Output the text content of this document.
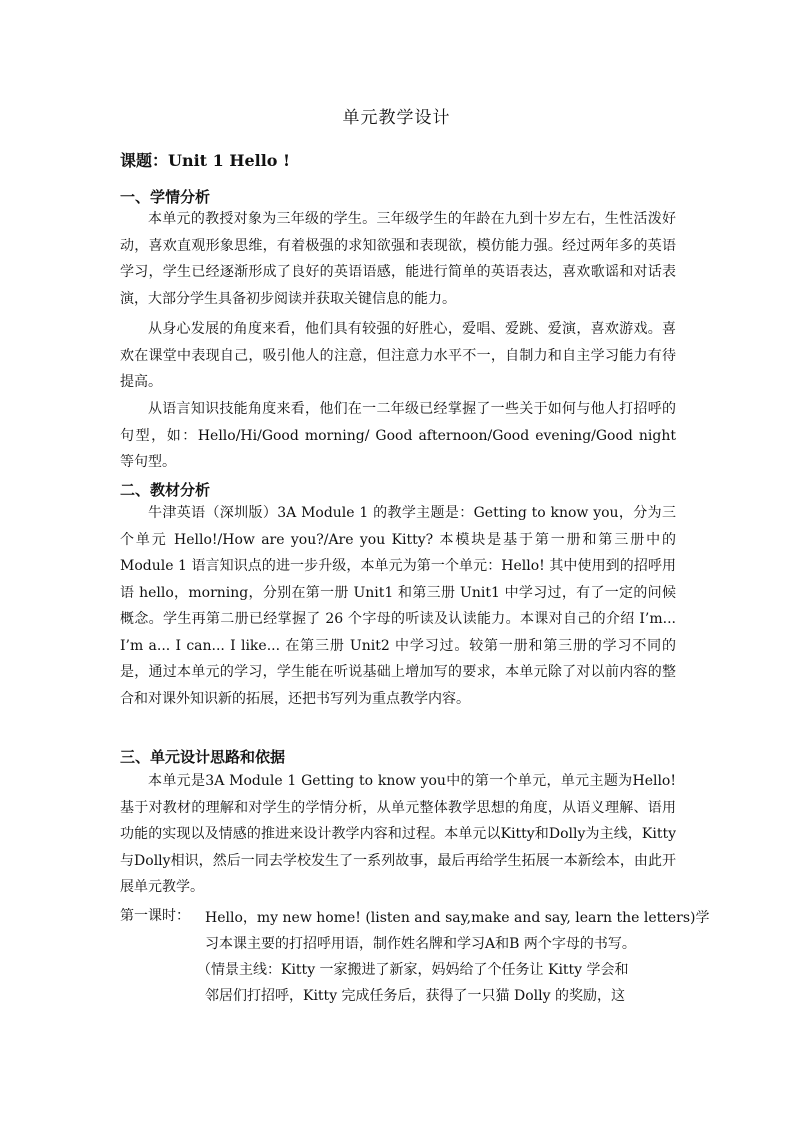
单元教学设计
课题：Unit 1 Hello !
一、学情分析
本单元的教授对象为三年级的学生。三年级学生的年龄在九到十岁左右，生性活泼好动，喜欢直观形象思维，有着极强的求知欲强和表现欲，模仿能力强。经过两年多的英语学习，学生已经逐渐形成了良好的英语语感，能进行简单的英语表达，喜欢歌谣和对话表演，大部分学生具备初步阅读并获取关键信息的能力。
从身心发展的角度来看，他们具有较强的好胜心，爱唱、爱跳、爱演，喜欢游戏。喜欢在课堂中表现自己，吸引他人的注意，但注意力水平不一，自制力和自主学习能力有待提高。
从语言知识技能角度来看，他们在一二年级已经掌握了一些关于如何与他人打招呼的句型，如：Hello/Hi/Good morning/ Good afternoon/Good evening/Good night 等句型。
二、教材分析
牛津英语（深圳版）3A Module 1 的教学主题是：Getting to know you，分为三个单元 Hello!/How are you?/Are you Kitty? 本模块是基于第一册和第三册中的 Module 1 语言知识点的进一步升级，本单元为第一个单元：Hello! 其中使用到的招呼用语 hello，morning，分别在第一册 Unit1 和第三册 Unit1 中学习过，有了一定的问候概念。学生再第二册已经掌握了 26 个字母的听读及认读能力。本课对自己的介绍 I’m... I’m a... I can... I like... 在第三册 Unit2 中学习过。较第一册和第三册的学习不同的是，通过本单元的学习，学生能在听说基础上增加写的要求，本单元除了对以前内容的整合和对课外知识新的拓展，还把书写列为重点教学内容。
三、单元设计思路和依据
本单元是3A Module 1 Getting to know you中的第一个单元，单元主题为Hello! 基于对教材的理解和对学生的学情分析，从单元整体教学思想的角度，从语义理解、语用功能的实现以及情感的推进来设计教学内容和过程。本单元以Kitty和Dolly为主线，Kitty与Dolly相识，然后一同去学校发生了一系列故事，最后再给学生拓展一本新绘本，由此开展单元教学。
第一课时： Hello，my new home! (listen and say,make and say, learn the letters)学
习本课主要的打招呼用语，制作姓名牌和学习A和B 两个字母的书写。
（情景主线：Kitty 一家搬进了新家，妈妈给了个任务让 Kitty 学会和
邻居们打招呼，Kitty 完成任务后，获得了一只猫 Dolly 的奖励，这
